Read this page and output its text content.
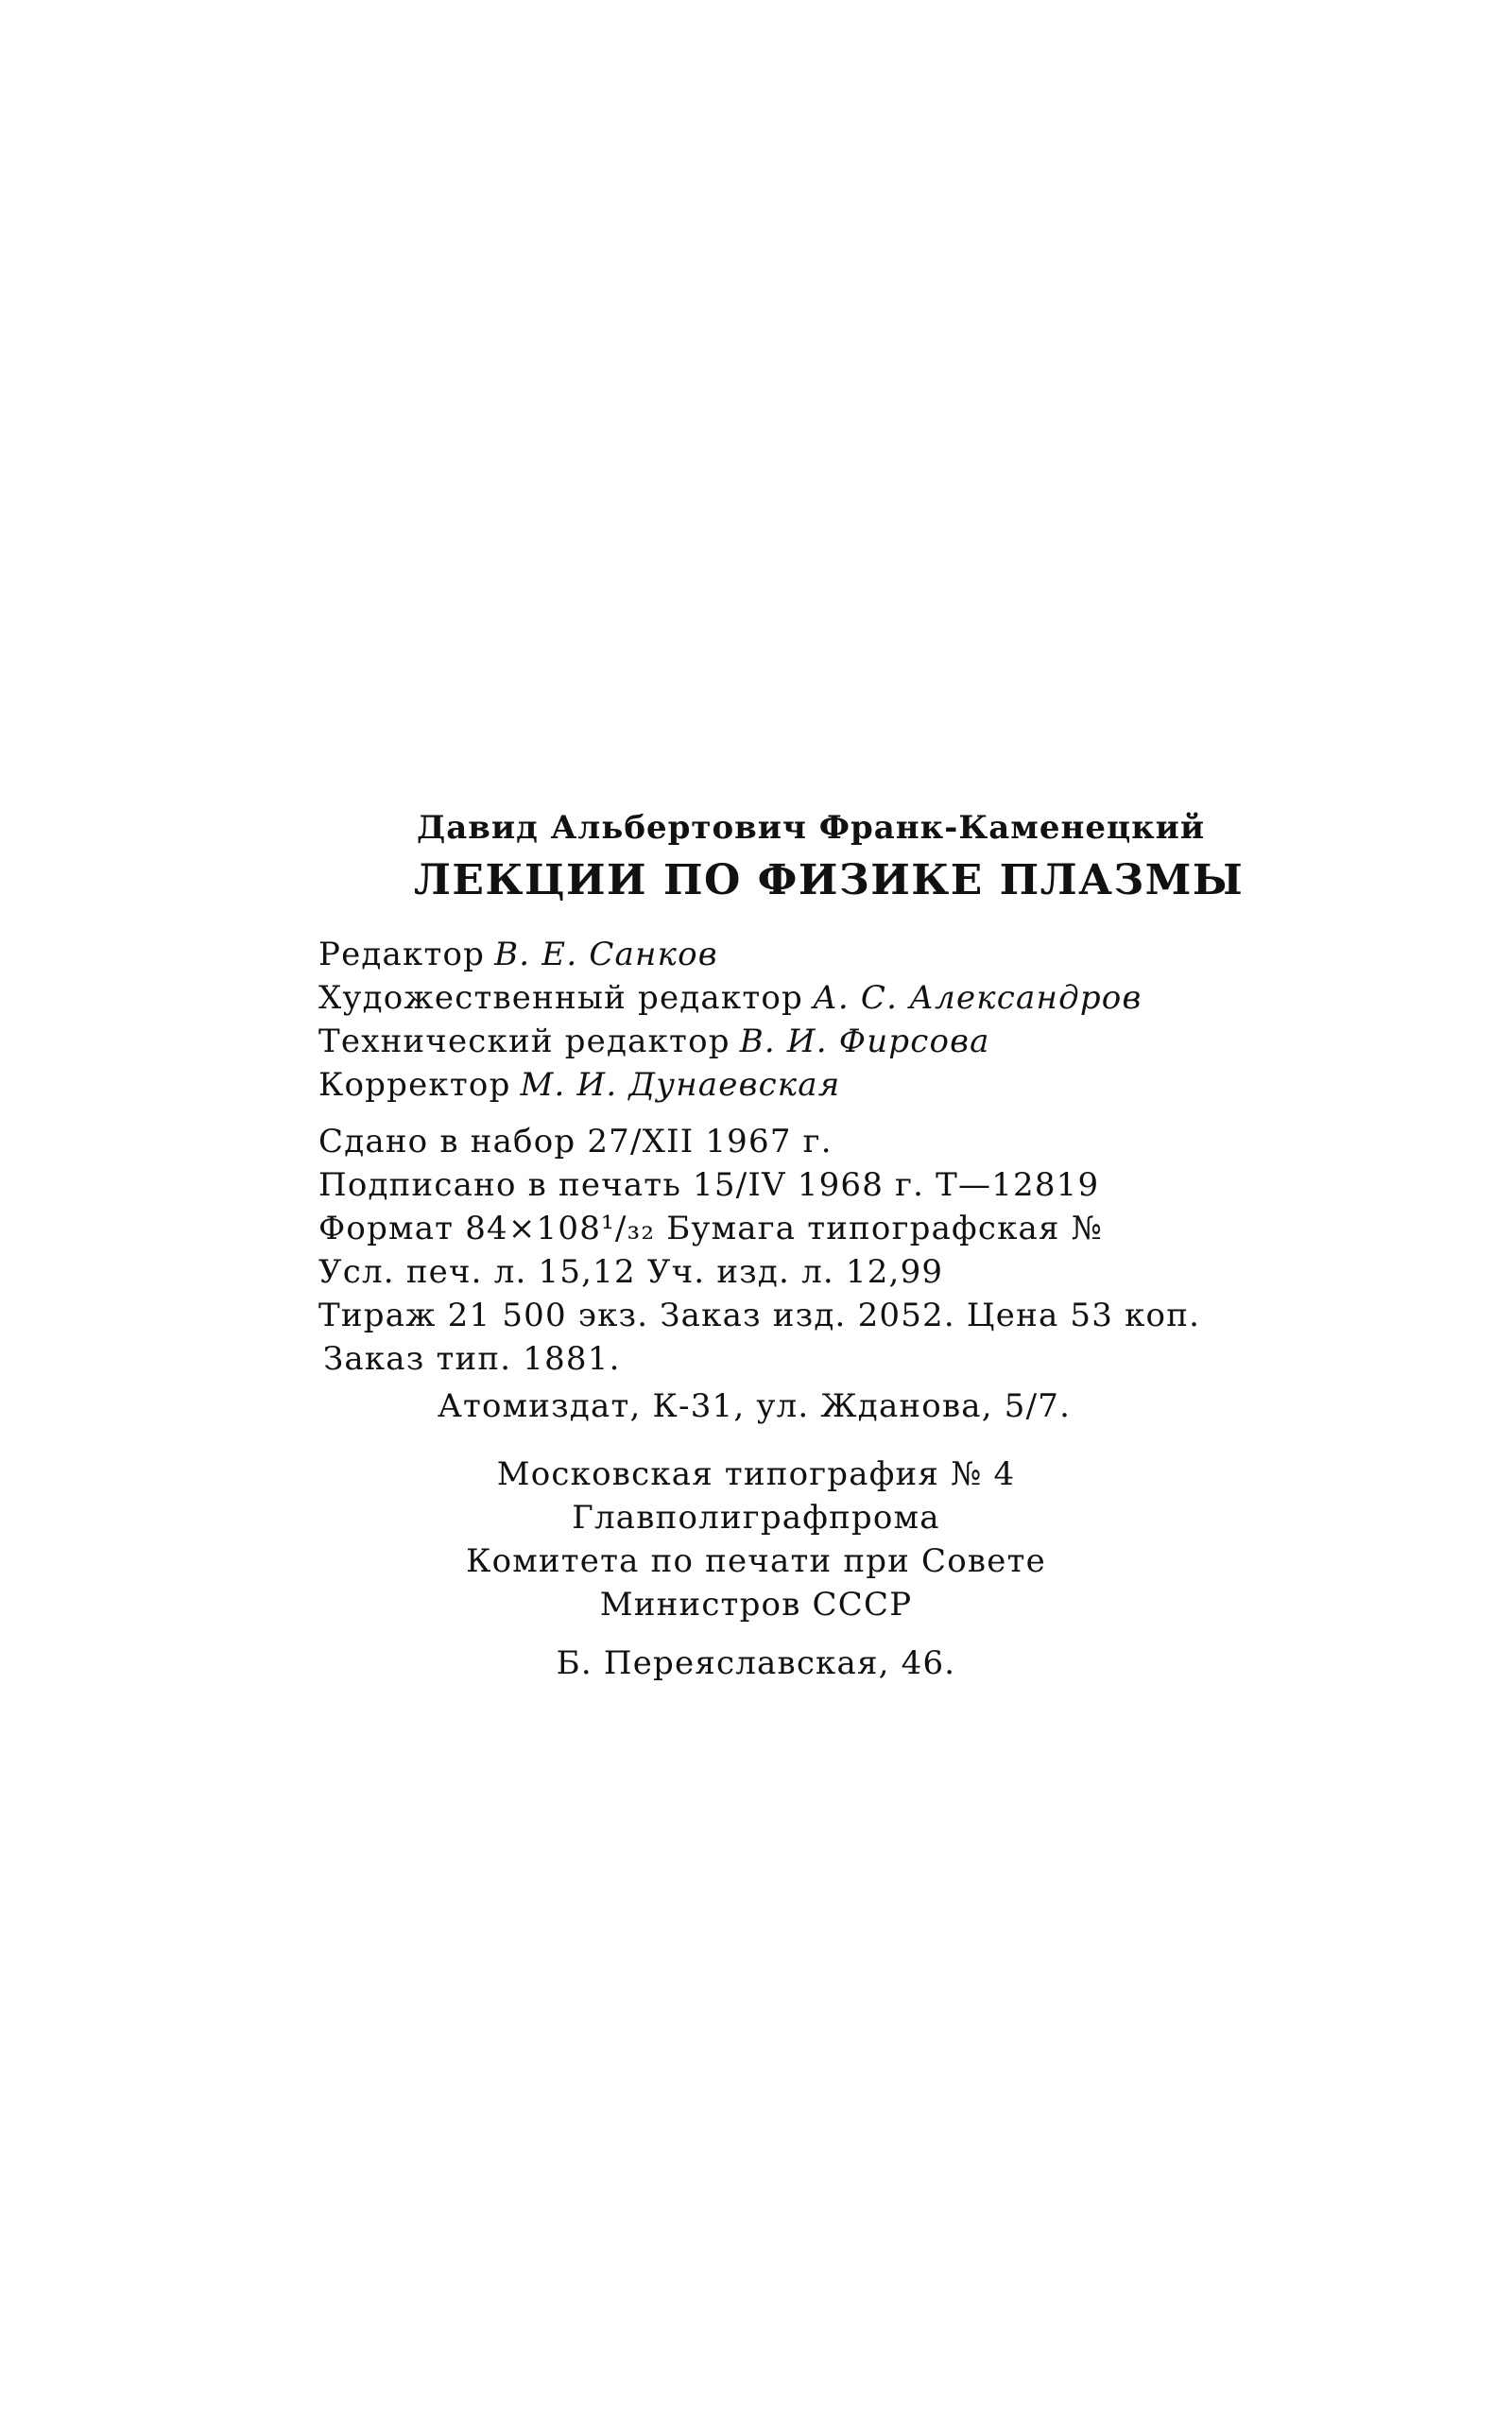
Давид Альбертович Франк-Каменецкий
ЛЕКЦИИ ПО ФИЗИКЕ ПЛАЗМЫ
Редактор В. Е. Санков
Художественный редактор А. С. Александров
Технический редактор В. И. Фирсова
Корректор М. И. Дунаевская
Сдано в набор 27/XII 1967 г.
Подписано в печать 15/IV 1968 г. Т—12819
Формат 84×108¹/₃₂ Бумага типографская №
Усл. печ. л. 15,12 Уч. изд. л. 12,99
Тираж 21 500 экз. Заказ изд. 2052. Цена 53 коп.
Заказ тип. 1881.
Атомиздат, К-31, ул. Жданова, 5/7.
Московская типография № 4
Главполиграфпрома
Комитета по печати при Совете
Министров СССР
Б. Переяславская, 46.
